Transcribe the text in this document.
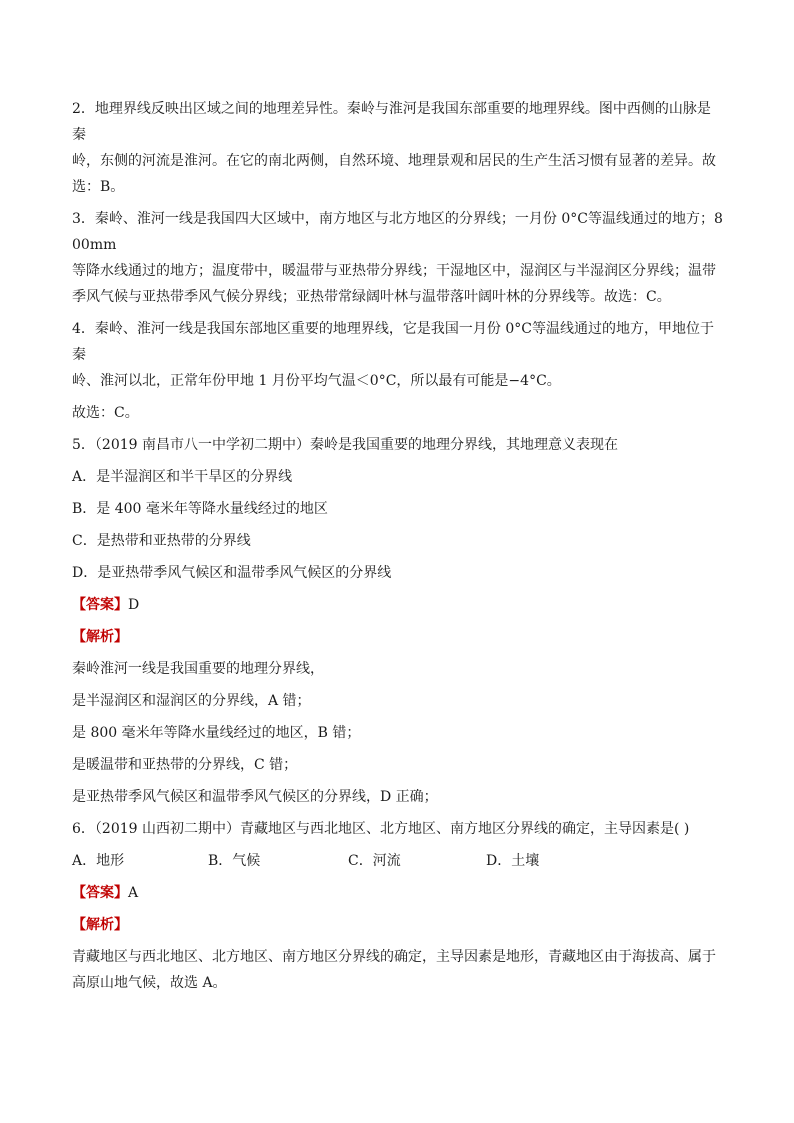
2．地理界线反映出区域之间的地理差异性。秦岭与淮河是我国东部重要的地理界线。图中西侧的山脉是秦

岭，东侧的河流是淮河。在它的南北两侧，自然环境、地理景观和居民的生产生活习惯有显著的差异。故

选：B。

3．秦岭、淮河一线是我国四大区域中，南方地区与北方地区的分界线；一月份 0°C等温线通过的地方；800mm

等降水线通过的地方；温度带中，暖温带与亚热带分界线；干湿地区中，湿润区与半湿润区分界线；温带

季风气候与亚热带季风气候分界线；亚热带常绿阔叶林与温带落叶阔叶林的分界线等。故选：C。

4．秦岭、淮河一线是我国东部地区重要的地理界线，它是我国一月份 0°C等温线通过的地方，甲地位于秦

岭、淮河以北，正常年份甲地 1 月份平均气温＜0°C，所以最有可能是−4°C。

故选：C。

5．（2019 南昌市八一中学初二期中）秦岭是我国重要的地理分界线，其地理意义表现在

A．是半湿润区和半干旱区的分界线

B．是 400 毫米年等降水量线经过的地区

C．是热带和亚热带的分界线

D．是亚热带季风气候区和温带季风气候区的分界线

【答案】D

【解析】

秦岭淮河一线是我国重要的地理分界线，

是半湿润区和湿润区的分界线，A 错；

是 800 毫米年等降水量线经过的地区，B 错；

是暖温带和亚热带的分界线，C 错；

是亚热带季风气候区和温带季风气候区的分界线，D 正确；

6．（2019 山西初二期中）青藏地区与西北地区、北方地区、南方地区分界线的确定，主导因素是( )

A．地形	B．气候	C．河流	D．土壤

【答案】A

【解析】

青藏地区与西北地区、北方地区、南方地区分界线的确定，主导因素是地形，青藏地区由于海拔高、属于

高原山地气候，故选 A。
